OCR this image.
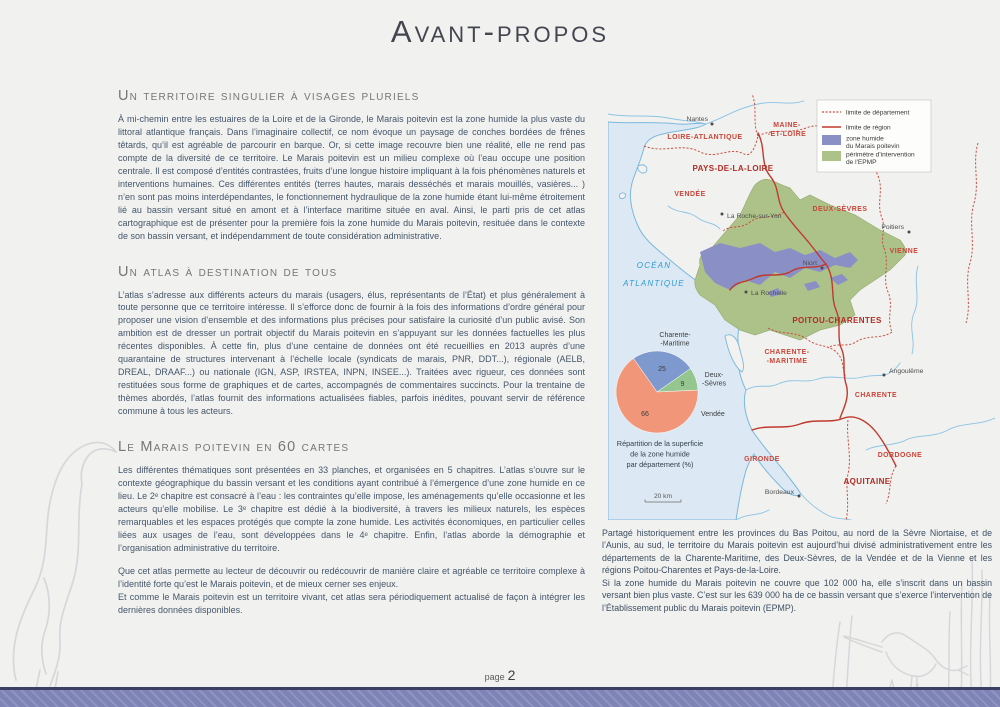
Avant-propos
Un territoire singulier à visages pluriels

À mi-chemin entre les estuaires de la Loire et de la Gironde, le Marais poitevin est la zone humide la plus vaste du littoral atlantique français. Dans l’imaginaire collectif, ce nom évoque un paysage de conches bordées de frênes têtards, qu’il est agréable de parcourir en barque. Or, si cette image recouvre bien une réalité, elle ne rend pas compte de la diversité de ce territoire. Le Marais poitevin est un milieu complexe où l’eau occupe une position centrale. Il est composé d’entités contrastées, fruits d’une longue histoire impliquant à la fois phénomènes naturels et interventions humaines. Ces différentes entités (terres hautes, marais desséchés et marais mouillés, vasières... ) n’en sont pas moins interdépendantes, le fonctionnement hydraulique de la zone humide étant lui-même étroitement lié au bassin versant situé en amont et à l’interface maritime située en aval. Ainsi, le parti pris de cet atlas cartographique est de présenter pour la première fois la zone humide du Marais poitevin, resituée dans le contexte de son bassin versant, et indépendamment de toute considération administrative.

Un atlas à destination de tous

L’atlas s’adresse aux différents acteurs du marais (usagers, élus, représentants de l’État) et plus généralement à toute personne que ce territoire intéresse. Il s’efforce donc de fournir à la fois des informations d’ordre général pour proposer une vision d’ensemble et des informations plus précises pour satisfaire la curiosité d’un public avisé. Son ambition est de dresser un portrait objectif du Marais poitevin en s’appuyant sur les données factuelles les plus récentes disponibles. À cette fin, plus d’une centaine de données ont été recueillies en 2013 auprès d’une quarantaine de structures intervenant à l’échelle locale (syndicats de marais, PNR, DDT...), régionale (AELB, DREAL, DRAAF...) ou nationale (IGN, ASP, IRSTEA, INPN, INSEE...). Traitées avec rigueur, ces données sont restituées sous forme de graphiques et de cartes, accompagnés de commentaires succincts. Pour la trentaine de thèmes abordés, l’atlas fournit des informations actualisées fiables, parfois inédites, pouvant servir de référence commune à tous les acteurs.

Le Marais poitevin en 60 cartes

Les différentes thématiques sont présentées en 33 planches, et organisées en 5 chapitres. L’atlas s’ouvre sur le contexte géographique du bassin versant et les conditions ayant contribué à l’émergence d’une zone humide en ce lieu. Le 2ᵉ chapitre est consacré à l’eau : les contraintes qu’elle impose, les aménagements qu’elle occasionne et les acteurs qu’elle mobilise. Le 3ᵉ chapitre est dédié à la biodiversité, à travers les milieux naturels, les espèces remarquables et les espaces protégés que compte la zone humide. Les activités économiques, en particulier celles liées aux usages de l’eau, sont développées dans le 4ᵉ chapitre. Enfin, l’atlas aborde la démographie et l’organisation administrative du territoire.

Que cet atlas permette au lecteur de découvrir ou redécouvrir de manière claire et agréable ce territoire complexe à l’identité forte qu’est le Marais poitevin, et de mieux cerner ses enjeux.

Et comme le Marais poitevin est un territoire vivant, cet atlas sera périodiquement actualisé de façon à intégrer les dernières données disponibles.

Nantes
La Roche-sur-Yon
Niort
Poitiers
La Rochelle
Angoulême
Bordeaux
OCÉAN
ATLANTIQUE
LOIRE-ATLANTIQUE
MAINE-
-ET-LOIRE
VENDÉE
DEUX-SÈVRES
VIENNE
CHARENTE-
-MARITIME
CHARENTE
DORDOGNE
GIRONDE
PAYS-DE-LA-LOIRE
POITOU-CHARENTES
AQUITAINE
limite de département
limite de région
zone humide
du Marais poitevin
périmètre d'intervention
de l'EPMP
25
9
66
Charente-
-Maritime
Deux-
-Sèvres
Vendée
Répartition de la superficie
de la zone humide
par département (%)
20 km

Partagé historiquement entre les provinces du Bas Poitou, au nord de la Sèvre Niortaise, et de l’Aunis, au sud, le territoire du Marais poitevin est aujourd’hui divisé administrativement entre les départements de la Charente-Maritime, des Deux-Sèvres, de la Vendée et de la Vienne et les régions Poitou-Charentes et Pays-de-la-Loire.

Si la zone humide du Marais poitevin ne couvre que 102 000 ha, elle s’inscrit dans un bassin versant bien plus vaste. C’est sur les 639 000 ha de ce bassin versant que s’exerce l’intervention de l’Établissement public du Marais poitevin (EPMP).

page 2
